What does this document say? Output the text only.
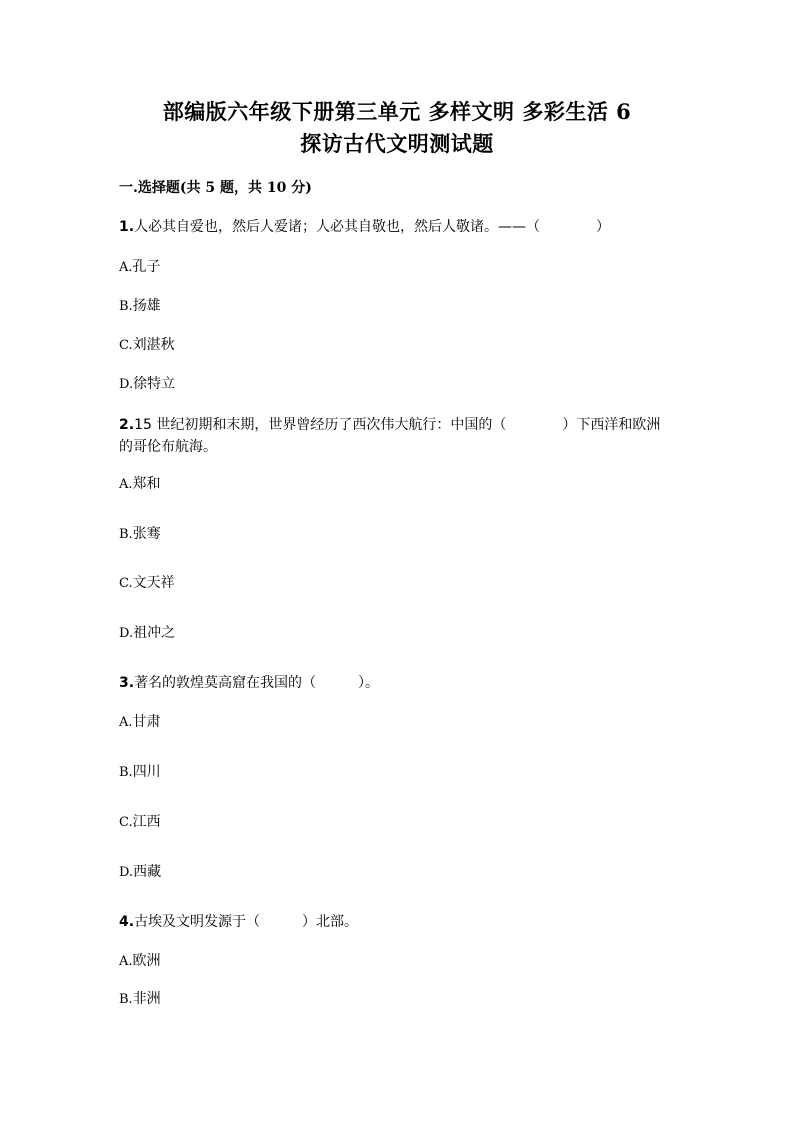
部编版六年级下册第三单元 多样文明 多彩生活 6
探访古代文明测试题
一.选择题(共 5 题，共 10 分)
1.人必其自爱也，然后人爱诸；人必其自敬也，然后人敬诸。——（　　　　）
A.孔子
B.扬雄
C.刘湛秋
D.徐特立
2.15 世纪初期和末期，世界曾经历了西次伟大航行：中国的（　　　　）下西洋和欧洲的哥伦布航海。
A.郑和
B.张骞
C.文天祥
D.祖冲之
3.著名的敦煌莫高窟在我国的（　　　）。
A.甘肃
B.四川
C.江西
D.西藏
4.古埃及文明发源于（　　　）北部。
A.欧洲
B.非洲
